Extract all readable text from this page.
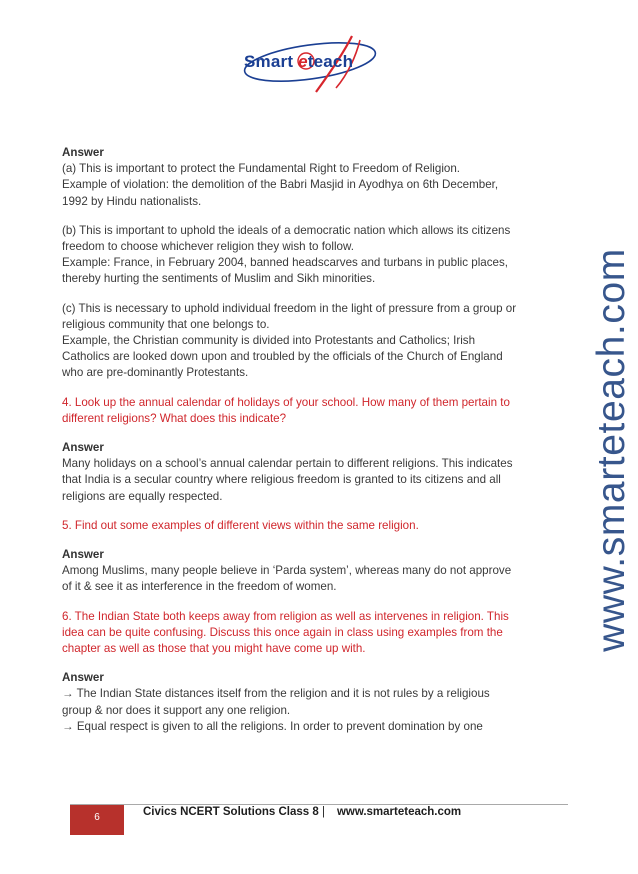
Smart eteach

Answer

(a) This is important to protect the Fundamental Right to Freedom of Religion.

Example of violation: the demolition of the Babri Masjid in Ayodhya on 6th December,

1992 by Hindu nationalists.

(b) This is important to uphold the ideals of a democratic nation which allows its citizens

freedom to choose whichever religion they wish to follow.

Example: France, in February 2004, banned headscarves and turbans in public places,

thereby hurting the sentiments of Muslim and Sikh minorities.

(c) This is necessary to uphold individual freedom in the light of pressure from a group or

religious community that one belongs to.

Example, the Christian community is divided into Protestants and Catholics; Irish

Catholics are looked down upon and troubled by the officials of the Church of England

who are pre-dominantly Protestants.

4. Look up the annual calendar of holidays of your school. How many of them pertain to

different religions? What does this indicate?

Answer

Many holidays on a school’s annual calendar pertain to different religions. This indicates

that India is a secular country where religious freedom is granted to its citizens and all

religions are equally respected.

5. Find out some examples of different views within the same religion.

Answer

Among Muslims, many people believe in ‘Parda system’, whereas many do not approve

of it & see it as interference in the freedom of women.

6. The Indian State both keeps away from religion as well as intervenes in religion. This

idea can be quite confusing. Discuss this once again in class using examples from the

chapter as well as those that you might have come up with.

Answer

→ The Indian State distances itself from the religion and it is not rules by a religious

group & nor does it support any one religion.

→ Equal respect is given to all the religions. In order to prevent domination by one

www.smarteteach.com
6	Civics NCERT Solutions Class 8 | www.smarteteach.com
